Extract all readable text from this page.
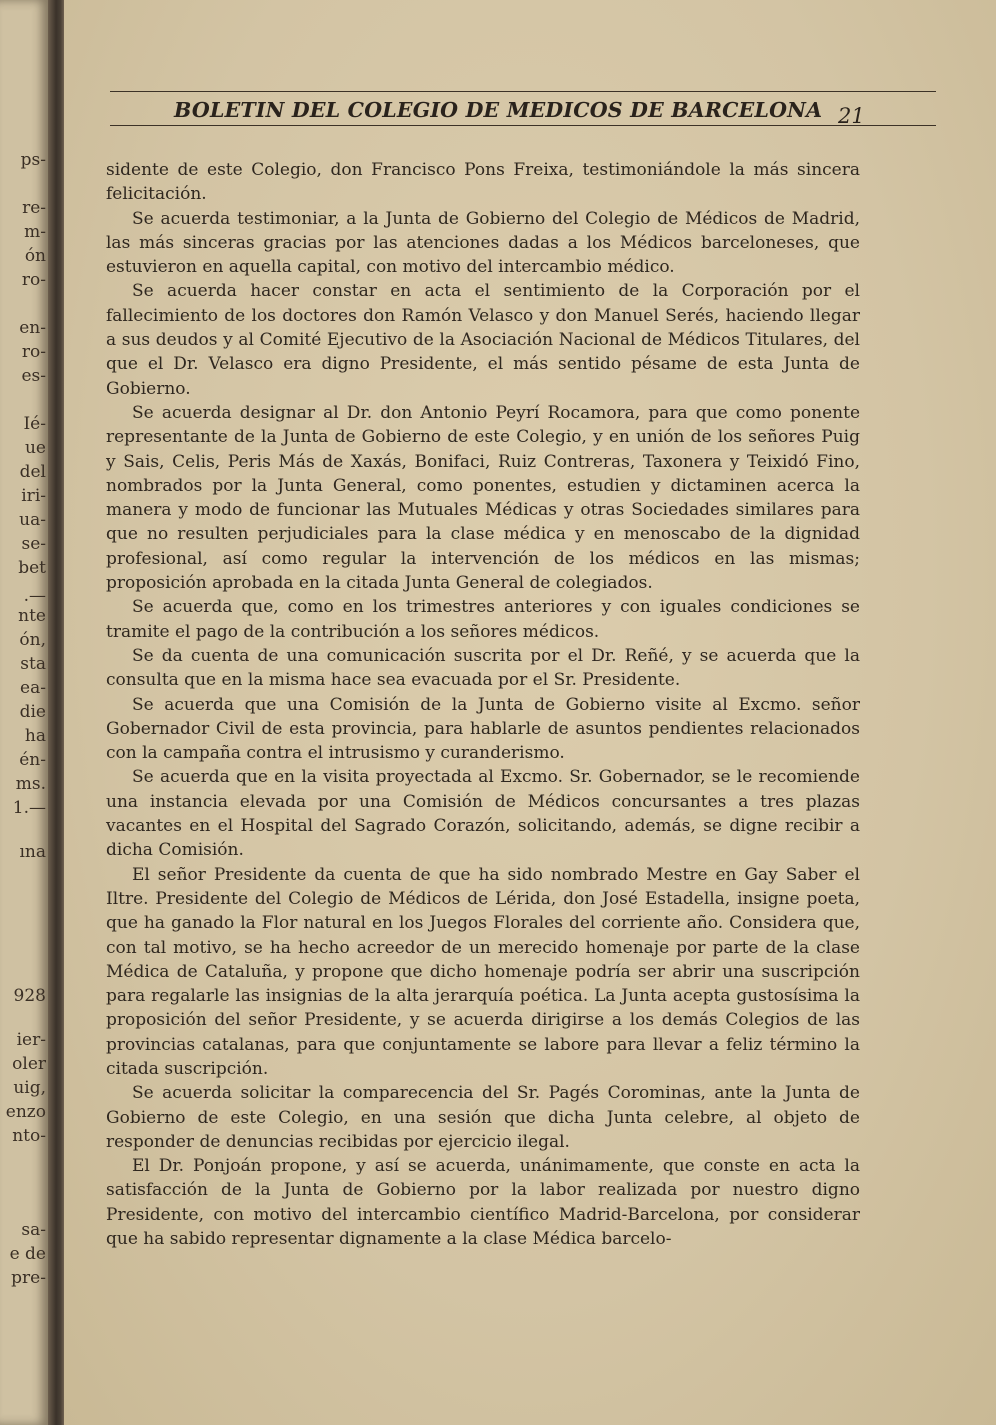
ps-
re-
m-
ón
ro-
en-
ro-
es-
Ié-
ue
del
iri-
ua-
se-
bet
.—
nte
ón,
sta
ea-
die
ha
én-
ms.
1.—
ına
928
ier-
oler
uig,
enzo
nto-
sa-
e de
pre-
BOLETIN DEL COLEGIO DE MEDICOS DE BARCELONA 21

sidente de este Colegio, don Francisco Pons Freixa, testimoniándole la más sincera felicitación.

Se acuerda testimoniar, a la Junta de Gobierno del Colegio de Médicos de Madrid, las más sinceras gracias por las atenciones dadas a los Médicos barceloneses, que estuvieron en aquella capital, con motivo del intercambio médico.

Se acuerda hacer constar en acta el sentimiento de la Corporación por el fallecimiento de los doctores don Ramón Velasco y don Manuel Serés, haciendo llegar a sus deudos y al Comité Ejecutivo de la Asociación Nacional de Médicos Titulares, del que el Dr. Velasco era digno Presidente, el más sentido pésame de esta Junta de Gobierno.

Se acuerda designar al Dr. don Antonio Peyrí Rocamora, para que como ponente representante de la Junta de Gobierno de este Colegio, y en unión de los señores Puig y Sais, Celis, Peris Más de Xaxás, Bonifaci, Ruiz Contreras, Taxonera y Teixidó Fino, nombrados por la Junta General, como ponentes, estudien y dictaminen acerca la manera y modo de funcionar las Mutuales Médicas y otras Sociedades similares para que no resulten perjudiciales para la clase médica y en menoscabo de la dignidad profesional, así como regular la intervención de los médicos en las mismas; proposición aprobada en la citada Junta General de colegiados.

Se acuerda que, como en los trimestres anteriores y con iguales condiciones se tramite el pago de la contribución a los señores médicos.

Se da cuenta de una comunicación suscrita por el Dr. Reñé, y se acuerda que la consulta que en la misma hace sea evacuada por el Sr. Presidente.

Se acuerda que una Comisión de la Junta de Gobierno visite al Excmo. señor Gobernador Civil de esta provincia, para hablarle de asuntos pendientes relacionados con la campaña contra el intrusismo y curanderismo.

Se acuerda que en la visita proyectada al Excmo. Sr. Gobernador, se le recomiende una instancia elevada por una Comisión de Médicos concursantes a tres plazas vacantes en el Hospital del Sagrado Corazón, solicitando, además, se digne recibir a dicha Comisión.

El señor Presidente da cuenta de que ha sido nombrado Mestre en Gay Saber el Iltre. Presidente del Colegio de Médicos de Lérida, don José Estadella, insigne poeta, que ha ganado la Flor natural en los Juegos Florales del corriente año. Considera que, con tal motivo, se ha hecho acreedor de un merecido homenaje por parte de la clase Médica de Cataluña, y propone que dicho homenaje podría ser abrir una suscripción para regalarle las insignias de la alta jerarquía poética. La Junta acepta gustosísima la proposición del señor Presidente, y se acuerda dirigirse a los demás Colegios de las provincias catalanas, para que conjuntamente se labore para llevar a feliz término la citada suscripción.

Se acuerda solicitar la comparecencia del Sr. Pagés Corominas, ante la Junta de Gobierno de este Colegio, en una sesión que dicha Junta celebre, al objeto de responder de denuncias recibidas por ejercicio ilegal.

El Dr. Ponjoán propone, y así se acuerda, unánimamente, que conste en acta la satisfacción de la Junta de Gobierno por la labor realizada por nuestro digno Presidente, con motivo del intercambio científico Madrid-Barcelona, por considerar que ha sabido representar dignamente a la clase Médica barcelo-
